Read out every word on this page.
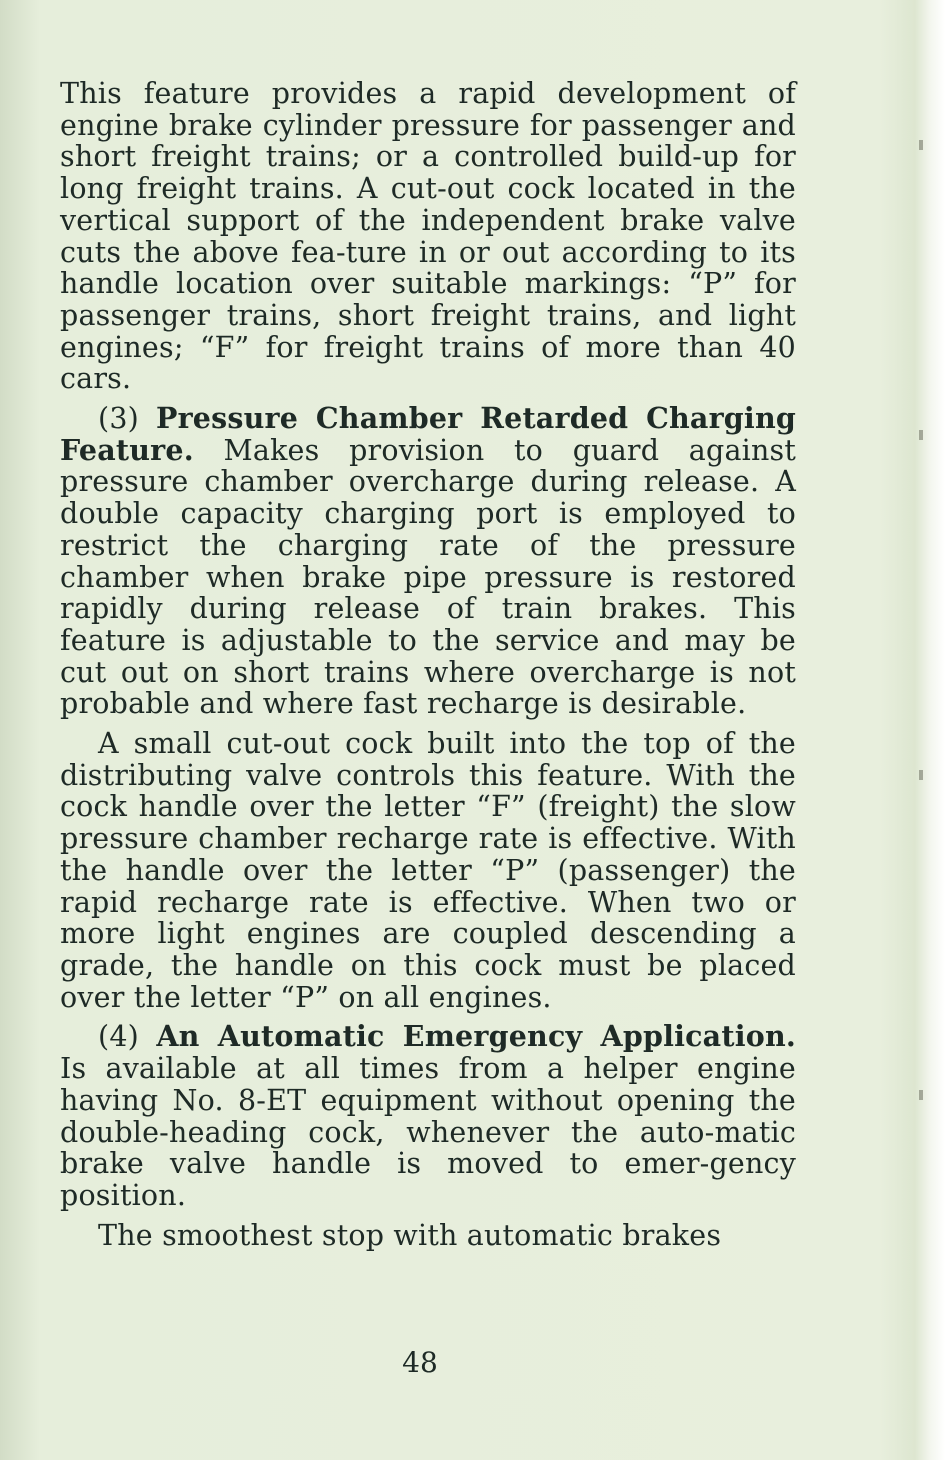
This feature provides a rapid development of engine brake cylinder pressure for passenger and short freight trains; or a controlled build-up for long freight trains. A cut-out cock located in the vertical support of the independent brake valve cuts the above fea-ture in or out according to its handle location over suitable markings: “P” for passenger trains, short freight trains, and light engines; “F” for freight trains of more than 40 cars.

(3) Pressure Chamber Retarded Charging Feature. Makes provision to guard against pressure chamber overcharge during release. A double capacity charging port is employed to restrict the charging rate of the pressure chamber when brake pipe pressure is restored rapidly during release of train brakes. This feature is adjustable to the service and may be cut out on short trains where overcharge is not probable and where fast recharge is desirable.

A small cut-out cock built into the top of the distributing valve controls this feature. With the cock handle over the letter “F” (freight) the slow pressure chamber recharge rate is effective. With the handle over the letter “P” (passenger) the rapid recharge rate is effective. When two or more light engines are coupled descending a grade, the handle on this cock must be placed over the letter “P” on all engines.

(4) An Automatic Emergency Application. Is available at all times from a helper engine having No. 8-ET equipment without opening the double-heading cock, whenever the auto-matic brake valve handle is moved to emer-gency position.

The smoothest stop with automatic brakes

48
